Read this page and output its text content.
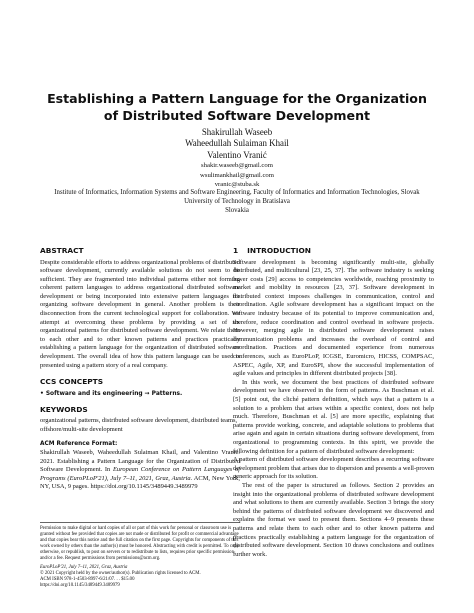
Establishing a Pattern Language for the Organization of Distributed Software Development
Shakirullah Waseeb
Waheedullah Sulaiman Khail
Valentino Vranić
shakir.waseeb@gmail.com
wsulimankhail@gmail.com
vranic@stuba.sk
Institute of Informatics, Information Systems and Software Engineering, Faculty of Informatics and Information Technologies, Slovak University of Technology in Bratislava
Slovakia
ABSTRACT

Despite considerable efforts to address organizational problems of distributed software development, currently available solutions do not seem to be sufficient. They are fragmented into individual patterns either not forming coherent pattern languages to address organizational distributed software development or being incorporated into extensive pattern languages for organizing software development in general. Another problem is their disconnection from the current technological support for collaboration. We attempt at overcoming these problems by providing a set of six organizational patterns for distributed software development. We relate them to each other and to other known patterns and practices practically establishing a pattern language for the organization of distributed software development. The overall idea of how this pattern language can be used is presented using a pattern story of a real company.

CCS CONCEPTS
• Software and its engineering → Patterns.
KEYWORDS

organizational patterns, distributed software development, distributed teams, offshore/multi-site development

ACM Reference Format:

Shakirullah Waseeb, Waheedullah Sulaiman Khail, and Valentino Vranić. 2021. Establishing a Pattern Language for the Organization of Distributed Software Development. In European Conference on Pattern Languages of Programs (EuroPLoP'21), July 7–11, 2021, Graz, Austria. ACM, New York, NY, USA, 9 pages. https://doi.org/10.1145/3489449.3489979

Permission to make digital or hard copies of all or part of this work for personal or classroom use is granted without fee provided that copies are not made or distributed for profit or commercial advantage and that copies bear this notice and the full citation on the first page. Copyrights for components of this work owned by others than the author(s) must be honored. Abstracting with credit is permitted. To copy otherwise, or republish, to post on servers or to redistribute to lists, requires prior specific permission and/or a fee. Request permissions from permissions@acm.org.

EuroPLoP'21, July 7–11, 2021, Graz, Austria
© 2021 Copyright held by the owner/author(s). Publication rights licensed to ACM.
ACM ISBN 978-1-4503-8997-6/21/07. . . $15.00
https://doi.org/10.1145/3489449.3489979
1 INTRODUCTION

Software development is becoming significantly multi-site, globally distributed, and multicultural [23, 25, 37]. The software industry is seeking lower costs [29] access to competencies worldwide, reaching proximity to market and mobility in resources [23, 37]. Software development in distributed context imposes challenges in communication, control and coordination. Agile software development has a significant impact on the software industry because of its potential to improve communication and, therefore, reduce coordination and control overhead in software projects. However, merging agile in distributed software development raises communication problems and increases the overhead of control and coordination. Practices and documented experience from numerous conferences, such as EuroPLoP, ICGSE, Euromicro, HICSS, COMPSAC, ASPEC, Agile, XP, and EuroSPI, show the successful implementation of agile values and principles in different distributed projects [38].

In this work, we document the best practices of distributed software development we have observed in the form of patterns. As Buschman et al. [5] point out, the cliché pattern definition, which says that a pattern is a solution to a problem that arises within a specific context, does not help much. Therefore, Buschman et al. [5] are more specific, explaining that patterns provide working, concrete, and adaptable solutions to problems that arise again and again in certain situations during software development, from organizational to programming contexts. In this spirit, we provide the following definition for a pattern of distributed software development:

A pattern of distributed software development describes a recurring software development problem that arises due to dispersion and presents a well-proven generic approach for its solution.

The rest of the paper is structured as follows. Section 2 provides an insight into the organizational problems of distributed software development and what solutions to them are currently available. Section 3 brings the story behind the patterns of distributed software development we discovered and explains the format we used to present them. Sections 4–9 presents these patterns and relate them to each other and to other known patterns and practices practically establishing a pattern language for the organization of distributed software development. Section 10 draws conclusions and outlines further work.
